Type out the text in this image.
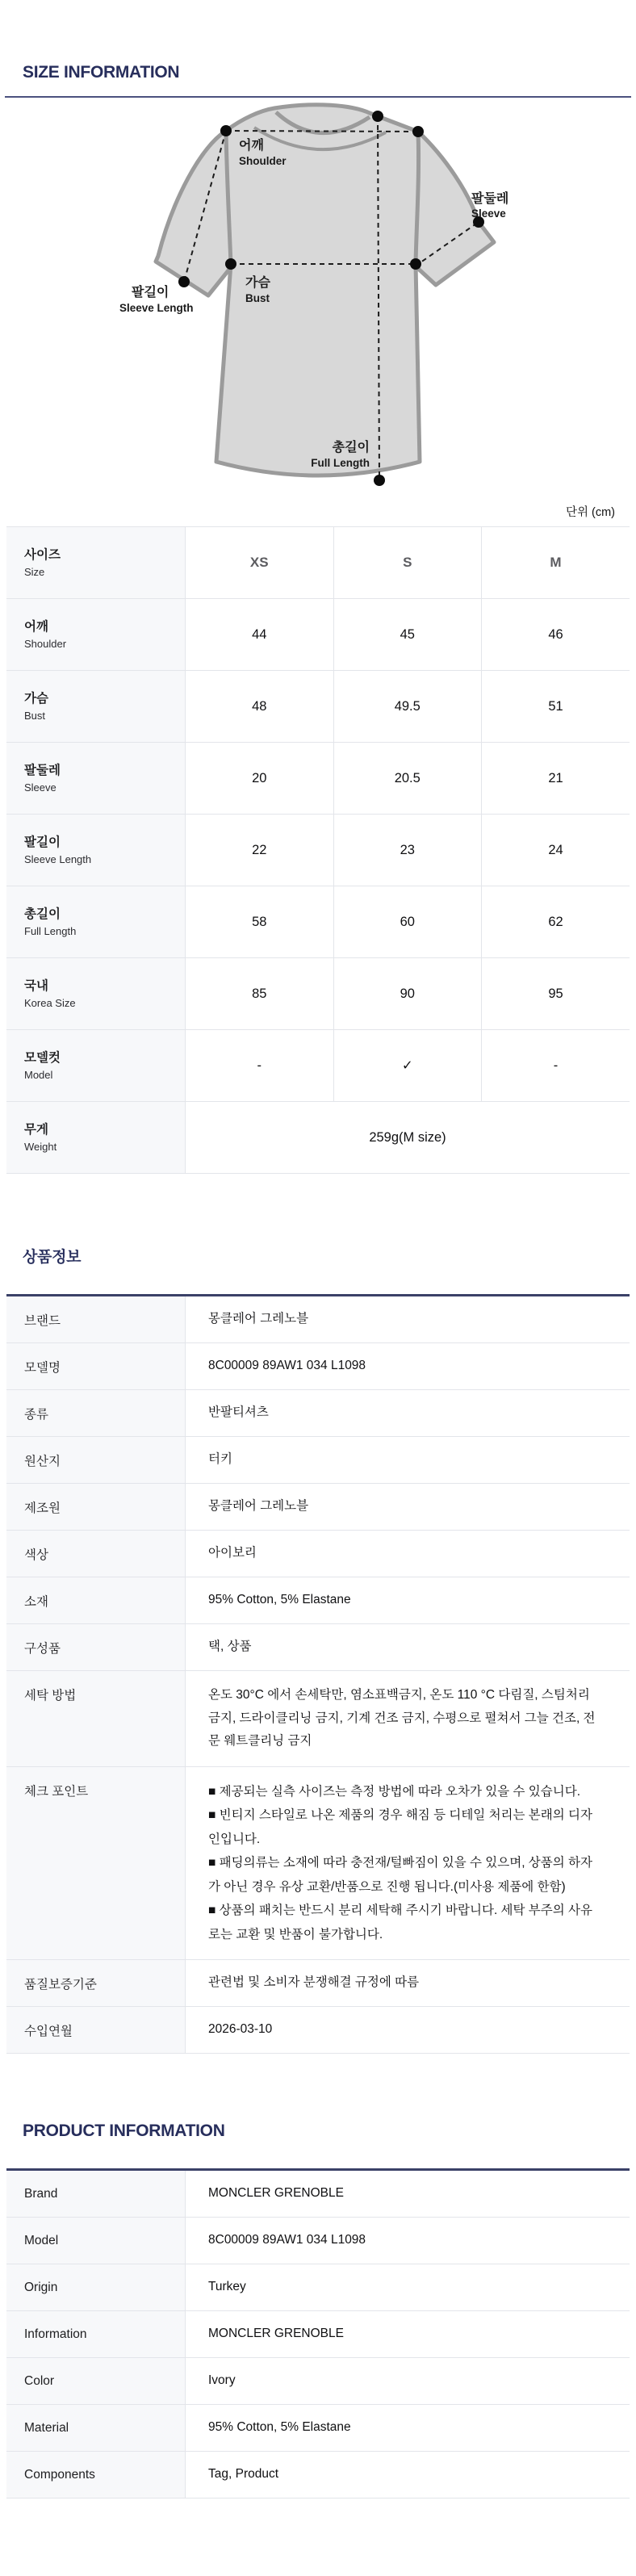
SIZE INFORMATION
어깨
Shoulder
팔둘레
Sleeve
가슴
Bust
팔길이
Sleeve Length
총길이
Full Length
단위 (cm)
사이즈
Size	XS	S	M

어깨
Shoulder	44	45	46

가슴
Bust	48	49.5	51

팔둘레
Sleeve	20	20.5	21

팔길이
Sleeve Length	22	23	24

총길이
Full Length	58	60	62

국내
Korea Size	85	90	95

모델컷
Model	-	✓	-

무게
Weight	259g(M size)		
상품정보
브랜드	몽클레어 그레노블
모델명	8C00009 89AW1 034 L1098
종류	반팔티셔츠
원산지	터키
제조원	몽클레어 그레노블
색상	아이보리
소재	95% Cotton, 5% Elastane
구성품	택, 상품
세탁 방법	온도 30°C 에서 손세탁만, 염소표백금지, 온도 110 °C 다림질, 스팀처리 금지, 드라이클리닝 금지, 기계 건조 금지, 수평으로 펼쳐서 그늘 건조, 전문 웨트클리닝 금지
체크 포인트	■ 제공되는 실측 사이즈는 측정 방법에 따라 오차가 있을 수 있습니다.
■ 빈티지 스타일로 나온 제품의 경우 해짐 등 디테일 처리는 본래의 디자인입니다.
■ 패딩의류는 소재에 따라 충전재/털빠짐이 있을 수 있으며, 상품의 하자가 아닌 경우 유상 교환/반품으로 진행 됩니다.(미사용 제품에 한함)
■ 상품의 패치는 반드시 분리 세탁해 주시기 바랍니다. 세탁 부주의 사유로는 교환 및 반품이 불가합니다.

품질보증기준	관련법 및 소비자 분쟁해결 규정에 따름
수입연월	2026-03-10
PRODUCT INFORMATION
Brand	MONCLER GRENOBLE
Model	8C00009 89AW1 034 L1098
Origin	Turkey
Information	MONCLER GRENOBLE
Color	Ivory
Material	95% Cotton, 5% Elastane
Components	Tag, Product
